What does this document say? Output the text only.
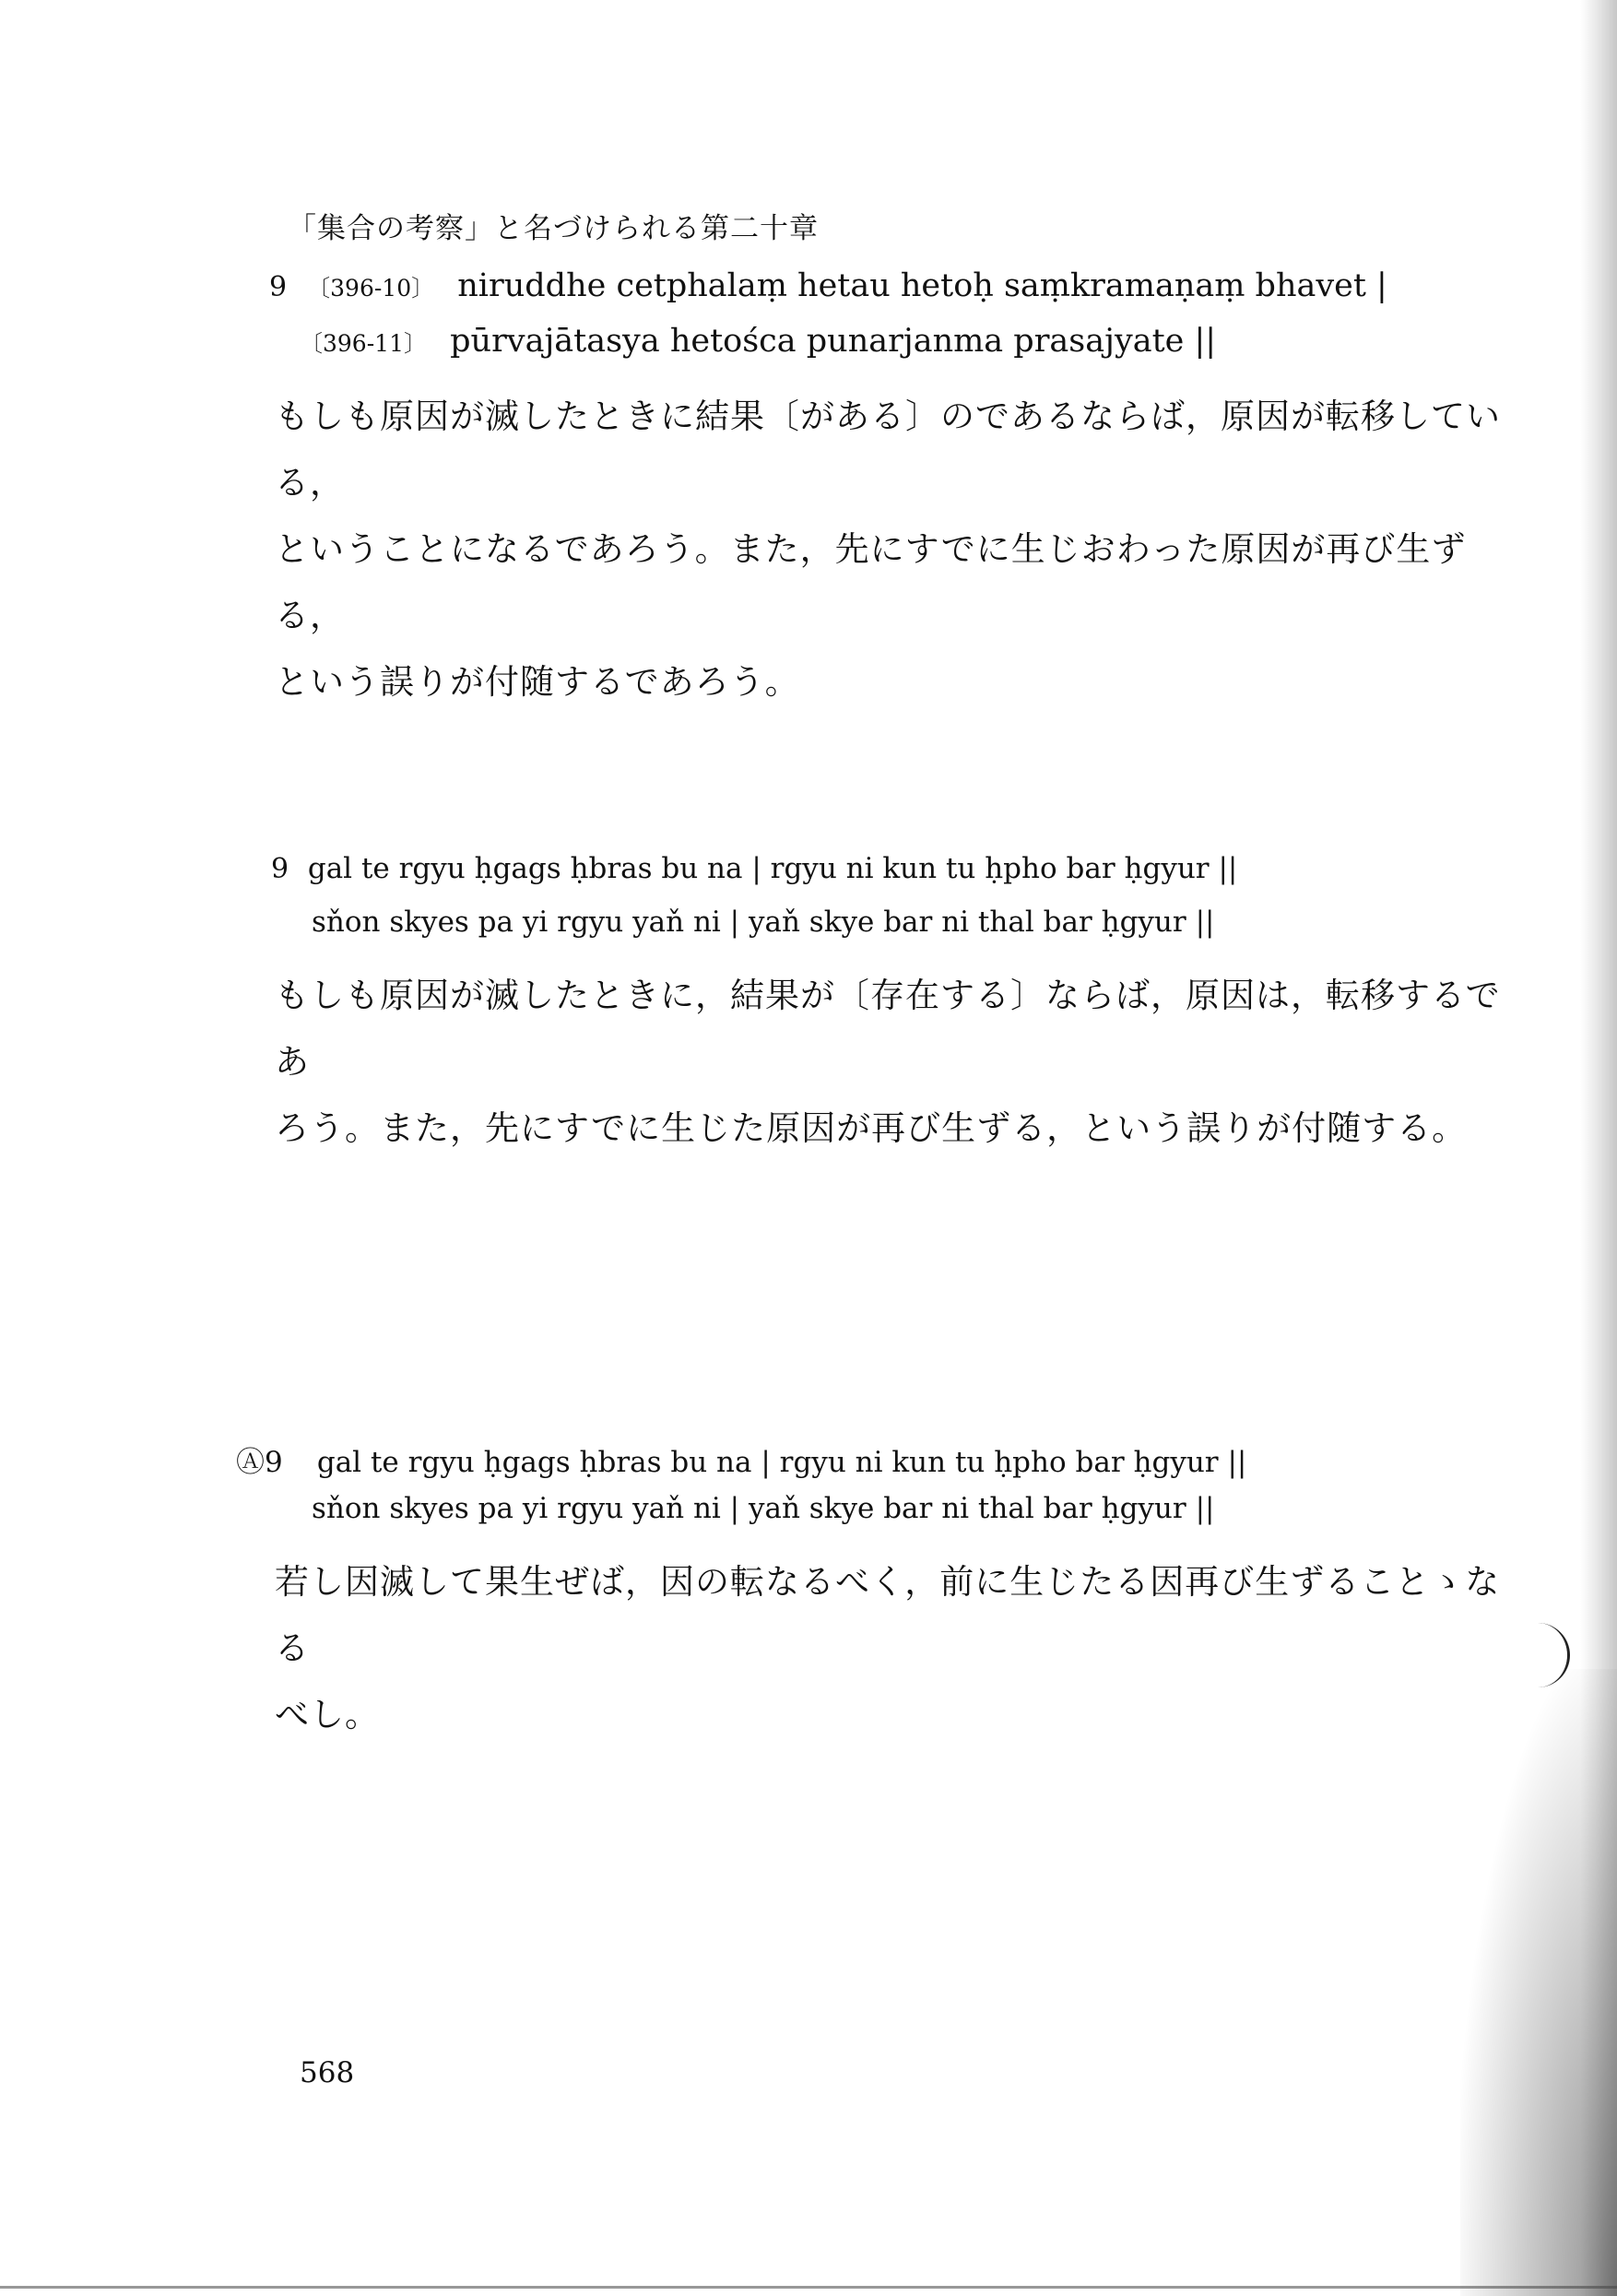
「集合の考察」と名づけられる第二十章
9 〔396-10〕 niruddhe cetphalaṃ hetau hetoḥ saṃkramaṇaṃ bhavet |
〔396-11〕 pūrvajātasya hetośca punarjanma prasajyate ||
もしも原因が滅したときに結果〔がある〕のであるならば，原因が転移している，
ということになるであろう。また，先にすでに生じおわった原因が再び生ずる，
という誤りが付随するであろう。
9 gal te rgyu ḥgags ḥbras bu na | rgyu ni kun tu ḥpho bar ḥgyur ||
sňon skyes pa yi rgyu yaň ni | yaň skye bar ni thal bar ḥgyur ||
もしも原因が滅したときに，結果が〔存在する〕ならば，原因は，転移するであ
ろう。また，先にすでに生じた原因が再び生ずる，という誤りが付随する。
Ⓐ9 gal te rgyu ḥgags ḥbras bu na | rgyu ni kun tu ḥpho bar ḥgyur ||
sňon skyes pa yi rgyu yaň ni | yaň skye bar ni thal bar ḥgyur ||
若し因滅して果生ぜば，因の転なるべく，前に生じたる因再び生ずることゝなる
べし。
568
